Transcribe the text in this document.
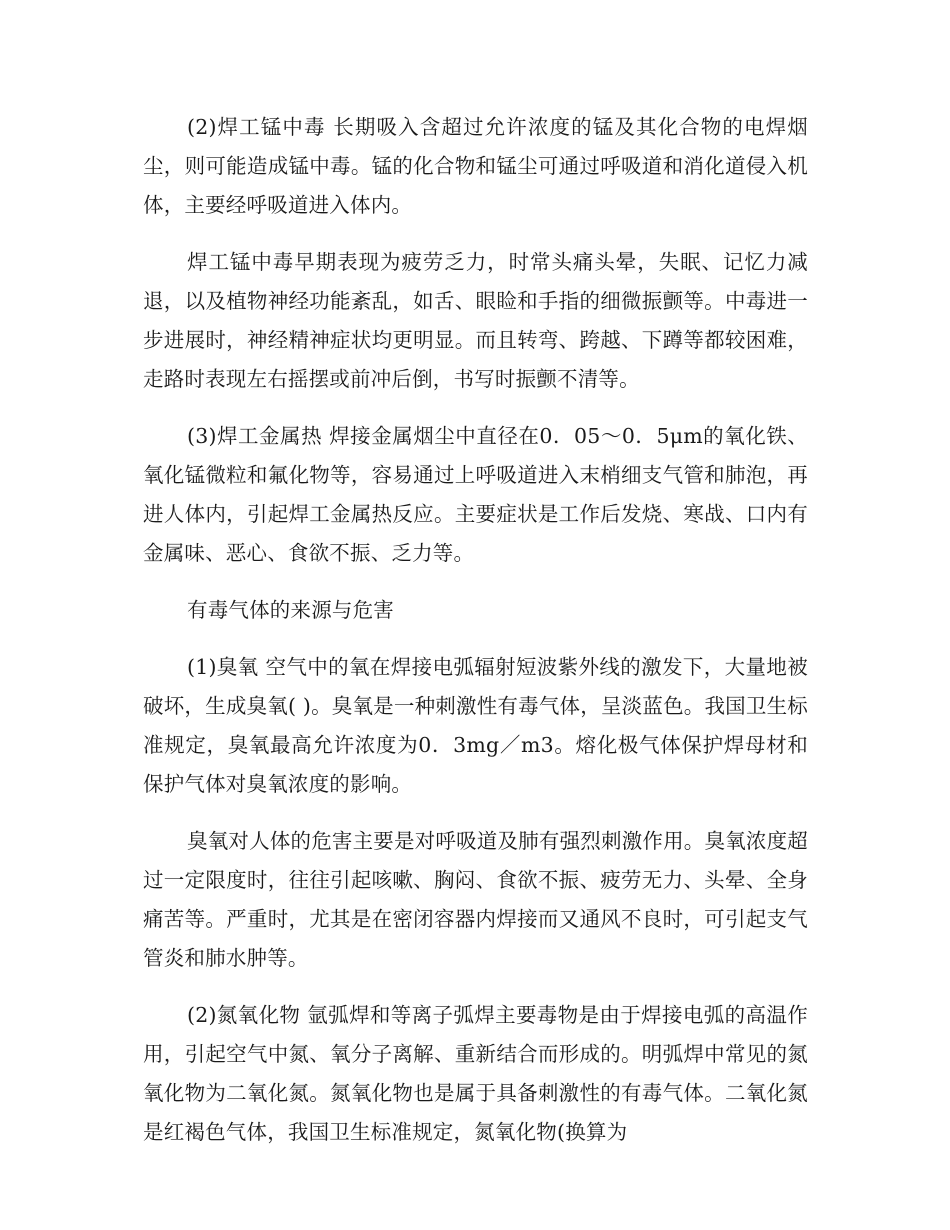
(2)焊工锰中毒 长期吸入含超过允许浓度的锰及其化合物的电焊烟尘，则可能造成锰中毒。锰的化合物和锰尘可通过呼吸道和消化道侵入机体，主要经呼吸道进入体内。

焊工锰中毒早期表现为疲劳乏力，时常头痛头晕，失眠、记忆力减退，以及植物神经功能紊乱，如舌、眼睑和手指的细微振颤等。中毒进一步进展时，神经精神症状均更明显。而且转弯、跨越、下蹲等都较困难，走路时表现左右摇摆或前冲后倒，书写时振颤不清等。

(3)焊工金属热 焊接金属烟尘中直径在0．05～0．5μm的氧化铁、氧化锰微粒和氟化物等，容易通过上呼吸道进入末梢细支气管和肺泡，再进人体内，引起焊工金属热反应。主要症状是工作后发烧、寒战、口内有金属味、恶心、食欲不振、乏力等。

有毒气体的来源与危害

(1)臭氧 空气中的氧在焊接电弧辐射短波紫外线的激发下，大量地被破坏，生成臭氧( )。臭氧是一种刺激性有毒气体，呈淡蓝色。我国卫生标准规定，臭氧最高允许浓度为0．3mg／m3。熔化极气体保护焊母材和保护气体对臭氧浓度的影响。

臭氧对人体的危害主要是对呼吸道及肺有强烈刺激作用。臭氧浓度超过一定限度时，往往引起咳嗽、胸闷、食欲不振、疲劳无力、头晕、全身痛苦等。严重时，尤其是在密闭容器内焊接而又通风不良时，可引起支气管炎和肺水肿等。

(2)氮氧化物 氩弧焊和等离子弧焊主要毒物是由于焊接电弧的高温作用，引起空气中氮、氧分子离解、重新结合而形成的。明弧焊中常见的氮氧化物为二氧化氮。氮氧化物也是属于具备刺激性的有毒气体。二氧化氮是红褐色气体，我国卫生标准规定，氮氧化物(换算为
